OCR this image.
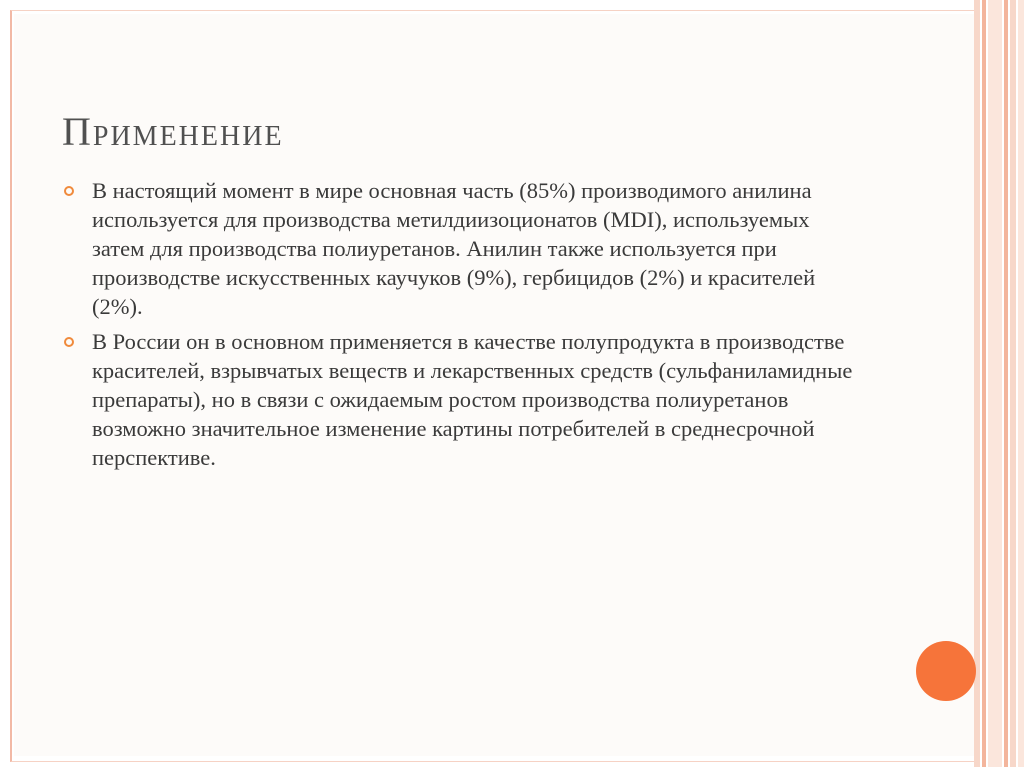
Применение
В настоящий момент в мире основная часть (85%) производимого анилина используется для производства метилдиизоционатов (MDI), используемых затем для производства полиуретанов. Анилин также используется при производстве искусственных каучуков (9%), гербицидов (2%) и красителей (2%).
В России он в основном применяется в качестве полупродукта в производстве красителей, взрывчатых веществ и лекарственных средств (сульфаниламидные препараты), но в связи с ожидаемым ростом производства полиуретанов возможно значительное изменение картины потребителей в среднесрочной перспективе.
